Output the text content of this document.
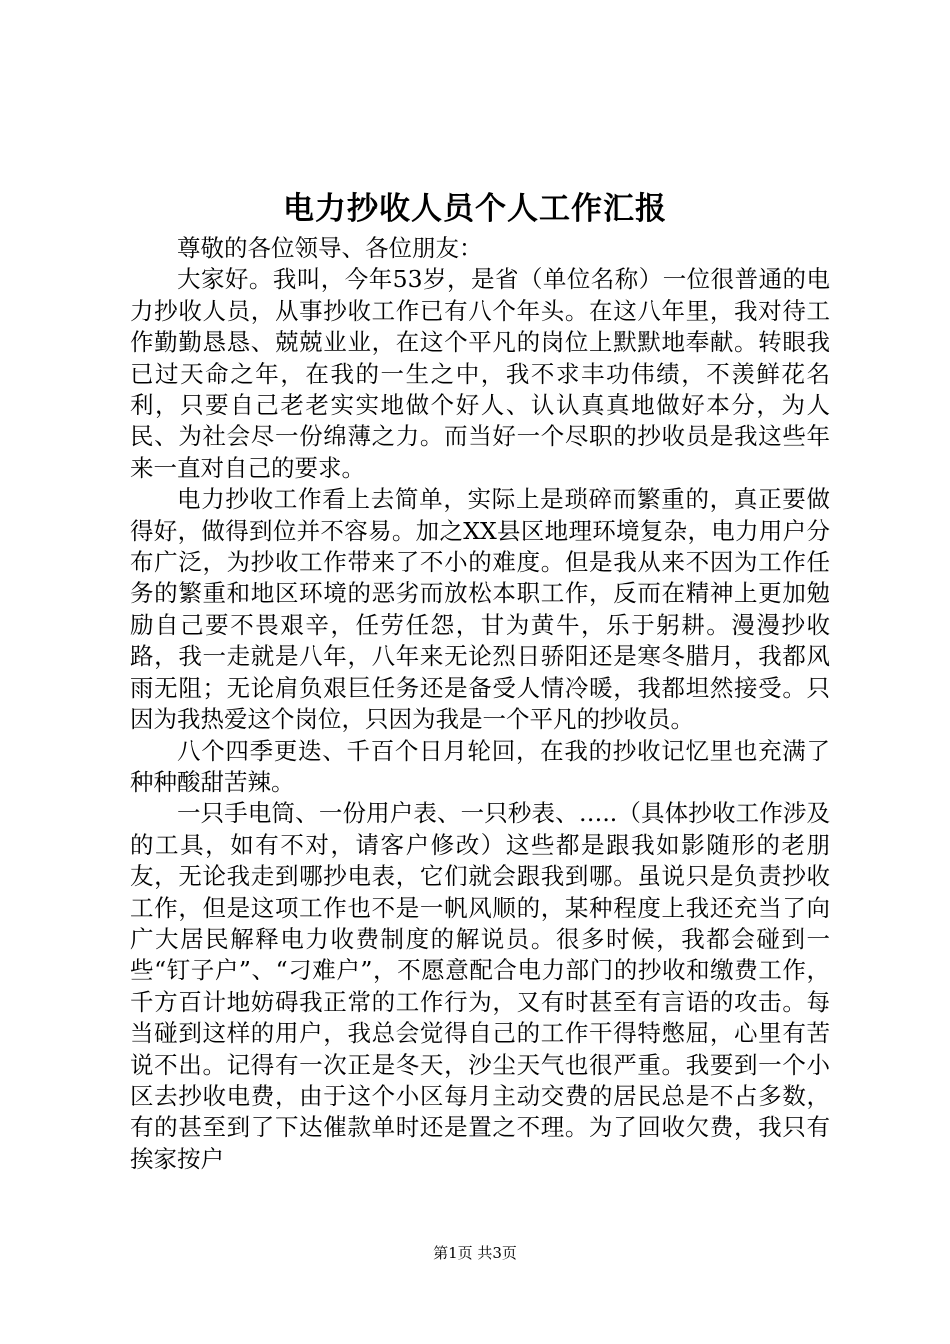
电力抄收人员个人工作汇报

尊敬的各位领导、各位朋友：

大家好。我叫，今年53岁，是省（单位名称）一位很普通的电力抄收人员，从事抄收工作已有八个年头。在这八年里，我对待工作勤勤恳恳、兢兢业业，在这个平凡的岗位上默默地奉献。转眼我已过天命之年，在我的一生之中，我不求丰功伟绩，不羡鲜花名利，只要自己老老实实地做个好人、认认真真地做好本分，为人民、为社会尽一份绵薄之力。而当好一个尽职的抄收员是我这些年来一直对自己的要求。

电力抄收工作看上去简单，实际上是琐碎而繁重的，真正要做得好，做得到位并不容易。加之XX县区地理环境复杂，电力用户分布广泛，为抄收工作带来了不小的难度。但是我从来不因为工作任务的繁重和地区环境的恶劣而放松本职工作，反而在精神上更加勉励自己要不畏艰辛，任劳任怨，甘为黄牛，乐于躬耕。漫漫抄收路，我一走就是八年，八年来无论烈日骄阳还是寒冬腊月，我都风雨无阻；无论肩负艰巨任务还是备受人情冷暖，我都坦然接受。只因为我热爱这个岗位，只因为我是一个平凡的抄收员。

八个四季更迭、千百个日月轮回，在我的抄收记忆里也充满了种种酸甜苦辣。

一只手电筒、一份用户表、一只秒表、…..（具体抄收工作涉及的工具，如有不对，请客户修改）这些都是跟我如影随形的老朋友，无论我走到哪抄电表，它们就会跟我到哪。虽说只是负责抄收工作，但是这项工作也不是一帆风顺的，某种程度上我还充当了向广大居民解释电力收费制度的解说员。很多时候，我都会碰到一些“钉子户”、“刁难户”，不愿意配合电力部门的抄收和缴费工作，千方百计地妨碍我正常的工作行为，又有时甚至有言语的攻击。每当碰到这样的用户，我总会觉得自己的工作干得特憋屈，心里有苦说不出。记得有一次正是冬天，沙尘天气也很严重。我要到一个小区去抄收电费，由于这个小区每月主动交费的居民总是不占多数，有的甚至到了下达催款单时还是置之不理。为了回收欠费，我只有挨家按户

第1页 共3页
